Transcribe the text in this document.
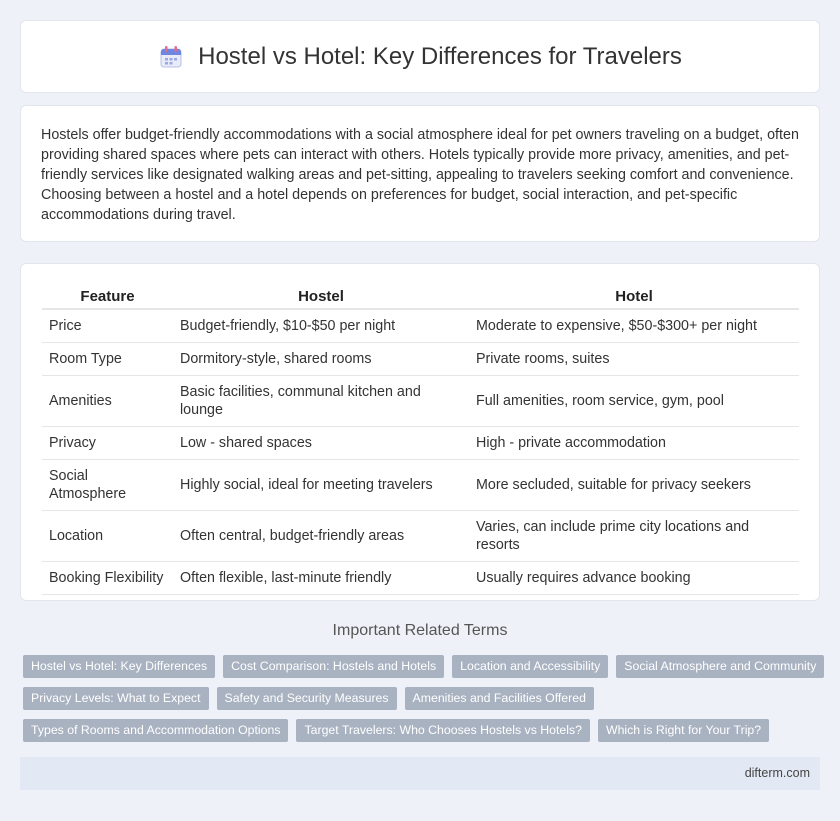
Hostel vs Hotel: Key Differences for Travelers

Hostels offer budget-friendly accommodations with a social atmosphere ideal for pet owners traveling on a budget, often providing shared spaces where pets can interact with others. Hotels typically provide more privacy, amenities, and pet-friendly services like designated walking areas and pet-sitting, appealing to travelers seeking comfort and convenience. Choosing between a hostel and a hotel depends on preferences for budget, social interaction, and pet-specific accommodations during travel.

Feature	Hostel	Hotel
Price	Budget-friendly, $10-$50 per night	Moderate to expensive, $50-$300+ per night
Room Type	Dormitory-style, shared rooms	Private rooms, suites
Amenities	Basic facilities, communal kitchen and lounge	Full amenities, room service, gym, pool
Privacy	Low - shared spaces	High - private accommodation
Social Atmosphere	Highly social, ideal for meeting travelers	More secluded, suitable for privacy seekers
Location	Often central, budget-friendly areas	Varies, can include prime city locations and resorts
Booking Flexibility	Often flexible, last-minute friendly	Usually requires advance booking
Important Related Terms
Hostel vs Hotel: Key Differences	Cost Comparison: Hostels and Hotels	Location and Accessibility	Social Atmosphere and Community
Privacy Levels: What to Expect	Safety and Security Measures	Amenities and Facilities Offered
Types of Rooms and Accommodation Options	Target Travelers: Who Chooses Hostels vs Hotels?	Which is Right for Your Trip?
difterm.com
